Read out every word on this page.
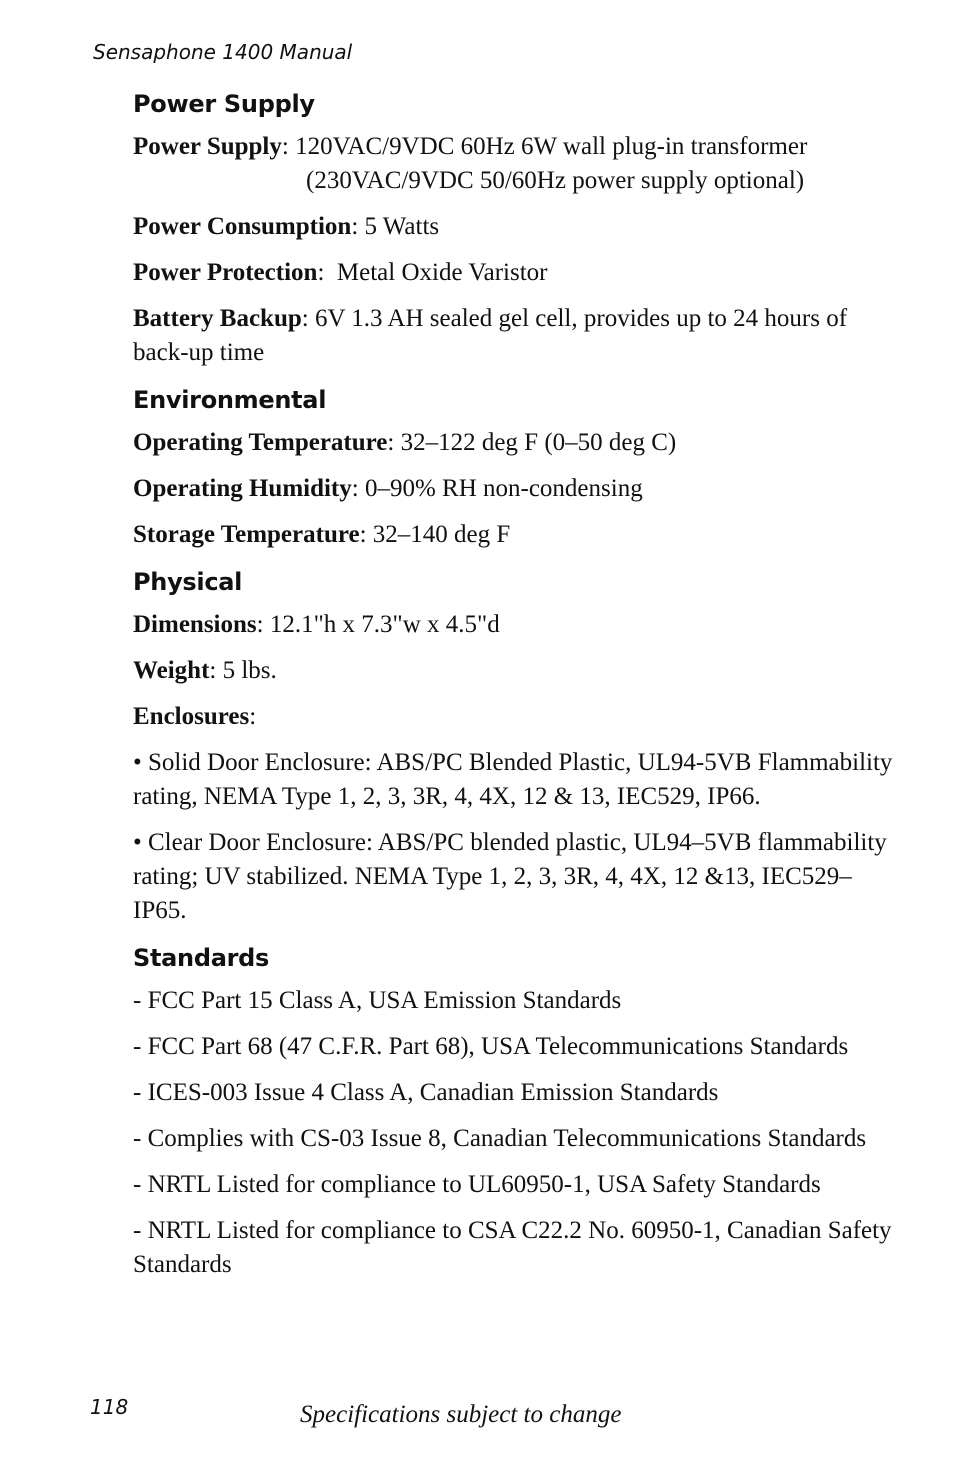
Sensaphone 1400 Manual
Power Supply

Power Supply: 120VAC/9VDC 60Hz 6W wall plug-in transformer
(230VAC/9VDC 50/60Hz power supply optional)

Power Consumption: 5 Watts

Power Protection:  Metal Oxide Varistor

Battery Backup: 6V 1.3 AH sealed gel cell, provides up to 24 hours of back-up time

Environmental

Operating Temperature: 32–122 deg F (0–50 deg C)

Operating Humidity: 0–90% RH non-condensing

Storage Temperature: 32–140 deg F

Physical

Dimensions: 12.1"h x 7.3"w x 4.5"d

Weight: 5 lbs.

Enclosures:

• Solid Door Enclosure: ABS/PC Blended Plastic, UL94-5VB Flammability rating, NEMA Type 1, 2, 3, 3R, 4, 4X, 12 & 13, IEC529, IP66.

• Clear Door Enclosure: ABS/PC blended plastic, UL94–5VB flammability rating; UV stabilized. NEMA Type 1, 2, 3, 3R, 4, 4X, 12 &13, IEC529–IP65.

Standards

- FCC Part 15 Class A, USA Emission Standards

- FCC Part 68 (47 C.F.R. Part 68), USA Telecommunications Standards

- ICES-003 Issue 4 Class A, Canadian Emission Standards

- Complies with CS-03 Issue 8, Canadian Telecommunications Standards

- NRTL Listed for compliance to UL60950-1, USA Safety Standards

- NRTL Listed for compliance to CSA C22.2 No. 60950-1, Canadian Safety Standards

118	Specifications subject to change
